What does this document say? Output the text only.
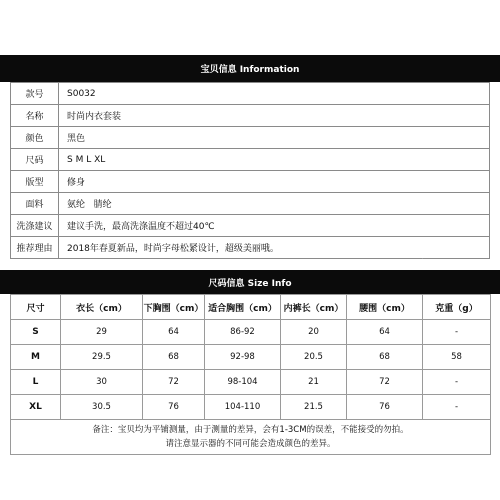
宝贝信息 Information
款号	S0032
名称	时尚内衣套装
颜色	黑色
尺码	S M L XL
版型	修身
面料	氨纶   腈纶
洗涤建议	建议手洗，最高洗涤温度不超过40℃
推荐理由	2018年春夏新品，时尚字母松紧设计，超级美丽哦。
尺码信息 Size Info
尺寸	衣长（cm）	下胸围（cm）	适合胸围（cm）	内裤长（cm）	腰围（cm）	克重（g）
S	29	64	86-92	20	64	-
M	29.5	68	92-98	20.5	68	58
L	30	72	98-104	21	72	-
XL	30.5	76	104-110	21.5	76	-

备注：宝贝均为平铺测量，由于测量的差异，会有1-3CM的误差，不能接受的勿拍。
请注意显示器的不同可能会造成颜色的差异。						
